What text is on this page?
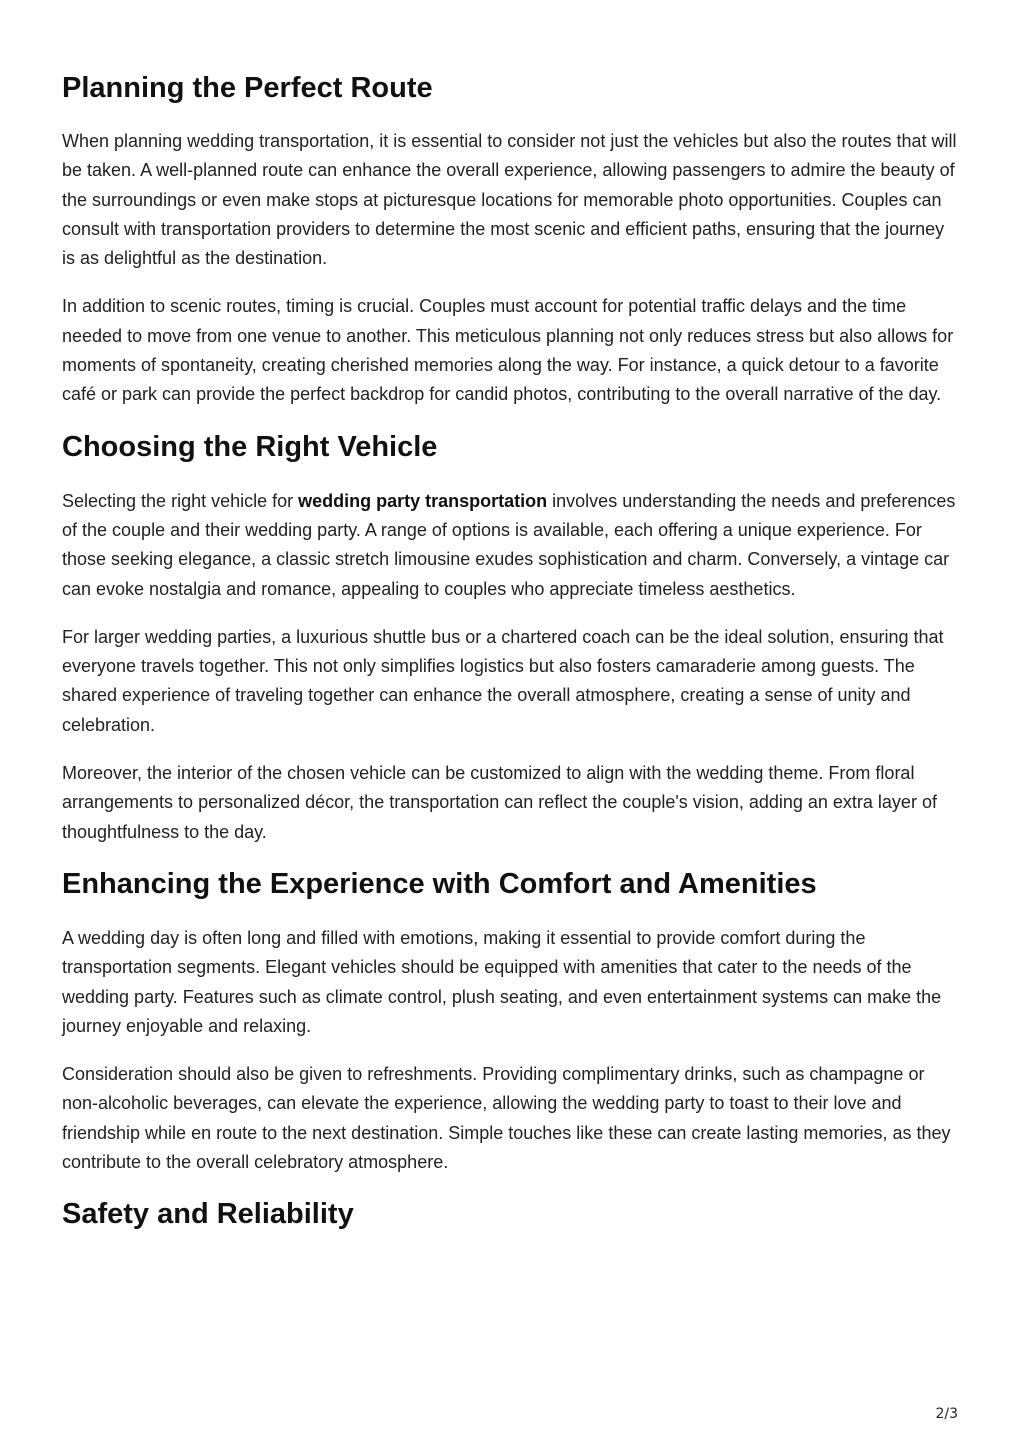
Planning the Perfect Route

When planning wedding transportation, it is essential to consider not just the vehicles but also the routes that will be taken. A well-planned route can enhance the overall experience, allowing passengers to admire the beauty of the surroundings or even make stops at picturesque locations for memorable photo opportunities. Couples can consult with transportation providers to determine the most scenic and efficient paths, ensuring that the journey is as delightful as the destination.

In addition to scenic routes, timing is crucial. Couples must account for potential traffic delays and the time needed to move from one venue to another. This meticulous planning not only reduces stress but also allows for moments of spontaneity, creating cherished memories along the way. For instance, a quick detour to a favorite café or park can provide the perfect backdrop for candid photos, contributing to the overall narrative of the day.

Choosing the Right Vehicle

Selecting the right vehicle for wedding party transportation involves understanding the needs and preferences of the couple and their wedding party. A range of options is available, each offering a unique experience. For those seeking elegance, a classic stretch limousine exudes sophistication and charm. Conversely, a vintage car can evoke nostalgia and romance, appealing to couples who appreciate timeless aesthetics.

For larger wedding parties, a luxurious shuttle bus or a chartered coach can be the ideal solution, ensuring that everyone travels together. This not only simplifies logistics but also fosters camaraderie among guests. The shared experience of traveling together can enhance the overall atmosphere, creating a sense of unity and celebration.

Moreover, the interior of the chosen vehicle can be customized to align with the wedding theme. From floral arrangements to personalized décor, the transportation can reflect the couple's vision, adding an extra layer of thoughtfulness to the day.

Enhancing the Experience with Comfort and Amenities

A wedding day is often long and filled with emotions, making it essential to provide comfort during the transportation segments. Elegant vehicles should be equipped with amenities that cater to the needs of the wedding party. Features such as climate control, plush seating, and even entertainment systems can make the journey enjoyable and relaxing.

Consideration should also be given to refreshments. Providing complimentary drinks, such as champagne or non-alcoholic beverages, can elevate the experience, allowing the wedding party to toast to their love and friendship while en route to the next destination. Simple touches like these can create lasting memories, as they contribute to the overall celebratory atmosphere.

Safety and Reliability
2/3
